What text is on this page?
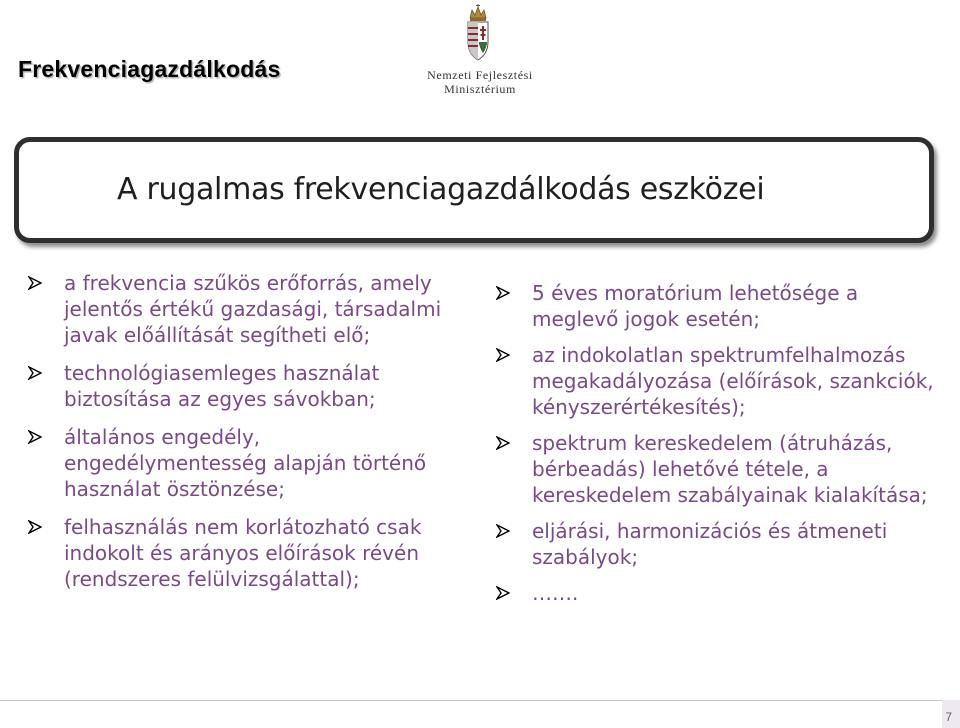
Frekvenciagazdálkodás	Nemzeti Fejlesztési
Minisztérium
A rugalmas frekvenciagazdálkodás eszközei
a frekvencia szűkös erőforrás, amely jelentős értékű gazdasági, társadalmi javak előállítását segítheti elő;
technológiasemleges használat biztosítása az egyes sávokban;
általános engedély, engedélymentesség alapján történő használat ösztönzése;
felhasználás nem korlátozható csak indokolt és arányos előírások révén (rendszeres felülvizsgálattal);
5 éves moratórium lehetősége a meglevő jogok esetén;
az indokolatlan spektrumfelhalmozás megakadályozása (előírások, szankciók, kényszerértékesítés);
spektrum kereskedelem (átruházás, bérbeadás) lehetővé tétele, a kereskedelem szabályainak kialakítása;
eljárási, harmonizációs és átmeneti szabályok;
…….
7
